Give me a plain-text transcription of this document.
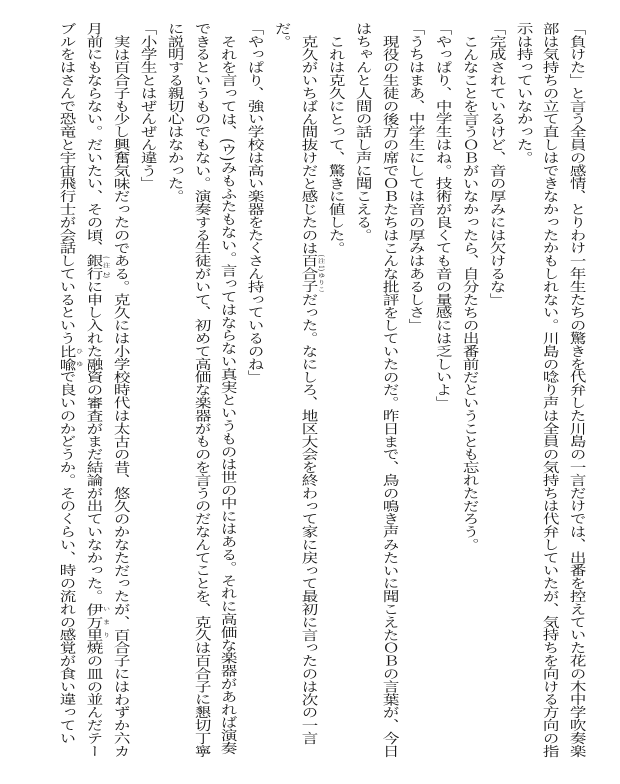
「負けた」と言う全員の感情、とりわけ一年生たちの驚きを代弁した川島の一言だけでは、出番を控えていた花の木中学吹奏楽
部は気持ちの立て直しはできなかったかもしれない。川島の唸り声は全員の気持ちは代弁していたが、気持ちを向ける方向の指
示は持っていなかった。
「完成されているけど、音の厚みには欠けるな」
こんなことを言うＯＢがいなかったら、自分たちの出番前だということも忘れただろう。
「やっぱり、中学生はね。技術が良くても音の量感には乏しいよ」
「うちはまあ、中学生にしては音の厚みはあるしさ」
現役の生徒の後方の席でＯＢたちはこんな批評をしていたのだ。昨日まで、鳥の鳴き声みたいに聞こえたＯＢの言葉が、今日
はちゃんと人間の話し声に聞こえる。
これは克久にとって、驚きに値した。
克久がいちばん間抜けだと感じたのは百合子 (注1)ゆりこだった。なにしろ、地区大会を終わって家に戻って最初に言ったのは次の一言
だ。
「やっぱり、強い学校は高い楽器をたくさん持っているのね」
それを言っては、(ウ)みもふたもない。言ってはならない真実というものは世の中にはある。それに高価な楽器があれば演奏
できるというものでもない。演奏する生徒がいて、初めて高価な楽器がものを言うのだなんてことを、克久は百合子に懇切丁寧
に説明する親切心はなかった。
「小学生とはぜんぜん違う」
実は百合子も少し興奮気味だったのである。克久には小学校時代は太古の昔、悠久のかなただったが、百合子にはわずか六カ
月前にもならない。だいたい、その頃、銀行 (注2)に申し入れた融資の審査がまだ結論が出ていなかった。伊万里 いまり焼の皿の並んだテー
ブルをはさんで恐竜と宇宙飛行士が会話しているという比喩 ひゆで良いのかどうか。そのくらい、時の流れの感覚が食い違ってい
